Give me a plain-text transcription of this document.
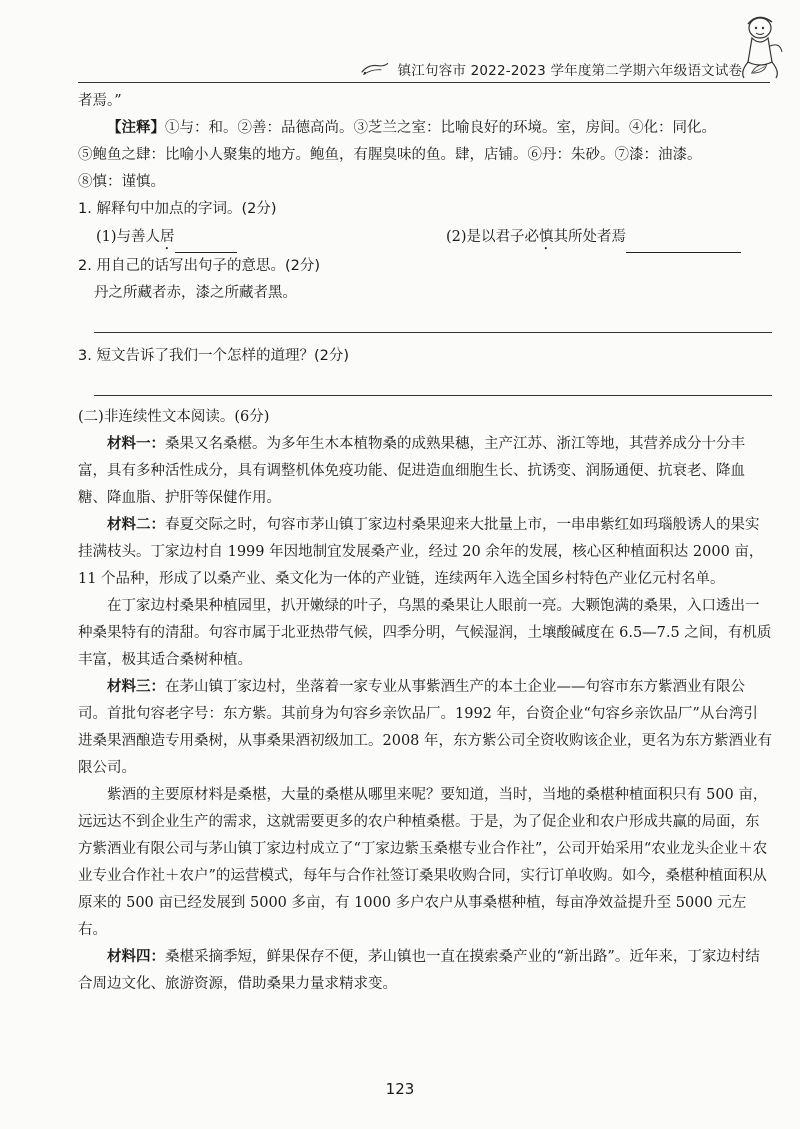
镇江句容市 2022-2023 学年度第二学期六年级语文试卷

者焉。”

【注释】①与：和。②善：品德高尚。③芝兰之室：比喻良好的环境。室，房间。④化：同化。

⑤鲍鱼之肆：比喻小人聚集的地方。鲍鱼，有腥臭味的鱼。肆，店铺。⑥丹：朱砂。⑦漆：油漆。

⑧慎：谨慎。

1. 解释句中加点的字词。(2分)

(1)与善人居	(2)是以君子必慎其所处者焉

2. 用自己的话写出句子的意思。(2分)

丹之所藏者赤，漆之所藏者黑。

3. 短文告诉了我们一个怎样的道理？(2分)

(二)非连续性文本阅读。(6分)

材料一：桑果又名桑椹。为多年生木本植物桑的成熟果穗，主产江苏、浙江等地，其营养成分十分丰富，具有多种活性成分，具有调整机体免疫功能、促进造血细胞生长、抗诱变、润肠通便、抗衰老、降血糖、降血脂、护肝等保健作用。

材料二：春夏交际之时，句容市茅山镇丁家边村桑果迎来大批量上市，一串串紫红如玛瑙般诱人的果实挂满枝头。丁家边村自 1999 年因地制宜发展桑产业，经过 20 余年的发展，核心区种植面积达 2000 亩，11 个品种，形成了以桑产业、桑文化为一体的产业链，连续两年入选全国乡村特色产业亿元村名单。

在丁家边村桑果种植园里，扒开嫩绿的叶子，乌黑的桑果让人眼前一亮。大颗饱满的桑果，入口透出一种桑果特有的清甜。句容市属于北亚热带气候，四季分明，气候湿润，土壤酸碱度在 6.5—7.5 之间，有机质丰富，极其适合桑树种植。

材料三：在茅山镇丁家边村，坐落着一家专业从事紫酒生产的本土企业——句容市东方紫酒业有限公司。首批句容老字号：东方紫。其前身为句容乡亲饮品厂。1992 年，台资企业“句容乡亲饮品厂”从台湾引进桑果酒酿造专用桑树，从事桑果酒初级加工。2008 年，东方紫公司全资收购该企业，更名为东方紫酒业有限公司。

紫酒的主要原材料是桑椹，大量的桑椹从哪里来呢？要知道，当时，当地的桑椹种植面积只有 500 亩，远远达不到企业生产的需求，这就需要更多的农户种植桑椹。于是，为了促企业和农户形成共赢的局面，东方紫酒业有限公司与茅山镇丁家边村成立了“丁家边紫玉桑椹专业合作社”，公司开始采用“农业龙头企业＋农业专业合作社＋农户”的运营模式，每年与合作社签订桑果收购合同，实行订单收购。如今，桑椹种植面积从原来的 500 亩已经发展到 5000 多亩，有 1000 多户农户从事桑椹种植，每亩净效益提升至 5000 元左右。

材料四：桑椹采摘季短，鲜果保存不便，茅山镇也一直在摸索桑产业的“新出路”。近年来，丁家边村结合周边文化、旅游资源，借助桑果力量求精求变。

123
